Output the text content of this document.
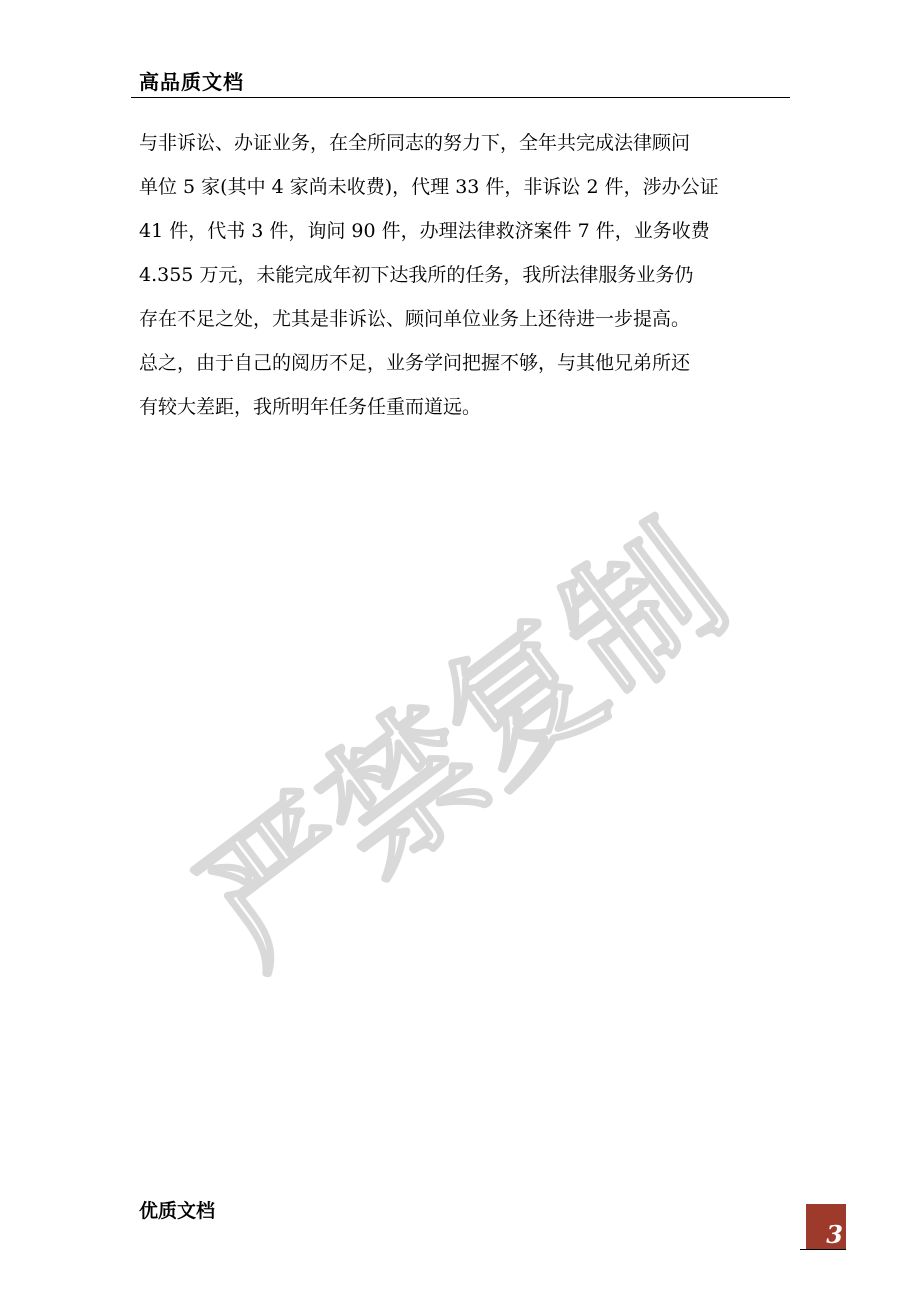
高品质文档
与非诉讼、办证业务，在全所同志的努力下，全年共完成法律顾问
单位 5 家(其中 4 家尚未收费)，代理 33 件，非诉讼 2 件，涉办公证
41 件，代书 3 件，询问 90 件，办理法律救济案件 7 件，业务收费
4.355 万元，未能完成年初下达我所的任务，我所法律服务业务仍
存在不足之处，尤其是非诉讼、顾问单位业务上还待进一步提高。
总之，由于自己的阅历不足，业务学问把握不够，与其他兄弟所还
有较大差距，我所明年任务任重而道远。
严禁复制
优质文档
3
